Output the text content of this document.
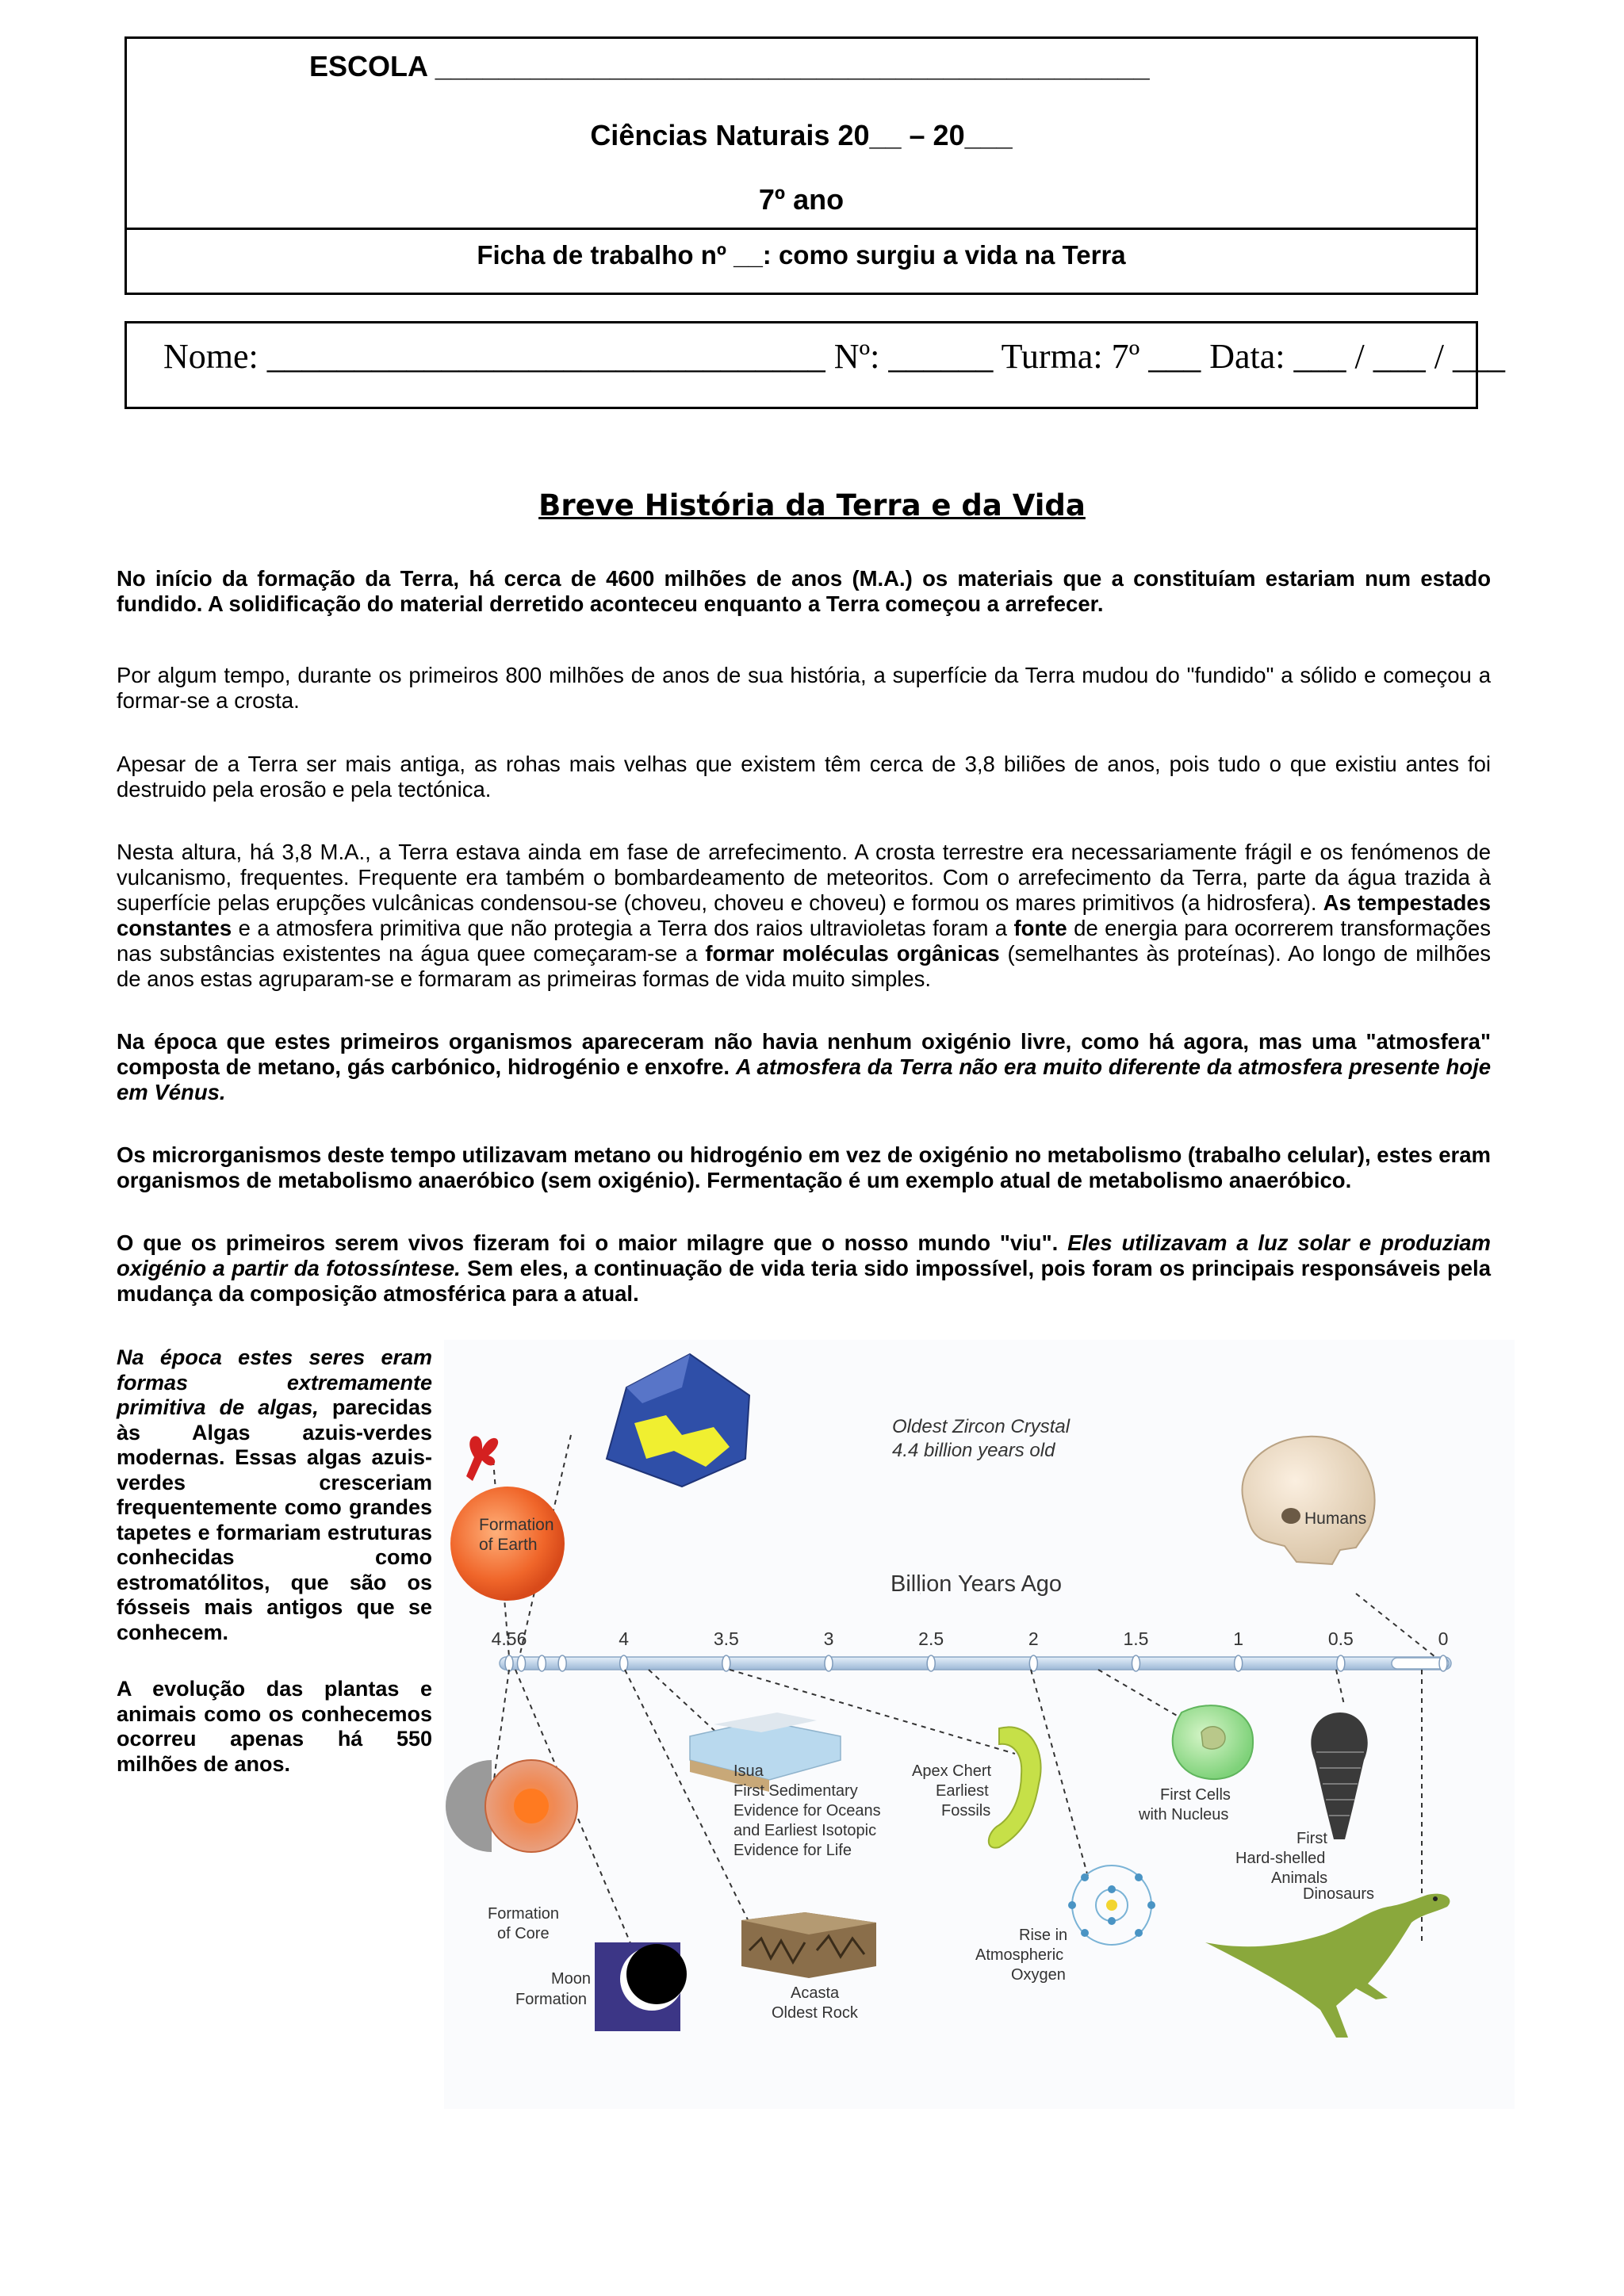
ESCOLA _____________________________________________
Ciências Naturais 20__ – 20___
7º ano
Ficha de trabalho nº __: como surgiu a vida na Terra
Nome: ________________________________ Nº: ______ Turma: 7º ___ Data: ___ / ___ / ___
Breve História da Terra e da Vida

No início da formação da Terra, há cerca de 4600 milhões de anos (M.A.) os materiais que a constituíam estariam num estado fundido. A solidificação do material derretido aconteceu enquanto a Terra começou a arrefecer.

Por algum tempo, durante os primeiros 800 milhões de anos de sua história, a superfície da Terra mudou do "fundido" a sólido e começou a formar-se a crosta.

Apesar de a Terra ser mais antiga, as rohas mais velhas que existem têm cerca de 3,8 biliões de anos, pois tudo o que existiu antes foi destruido pela erosão e pela tectónica.

Nesta altura, há 3,8 M.A., a Terra estava ainda em fase de arrefecimento. A crosta terrestre era necessariamente frágil e os fenómenos de vulcanismo, frequentes. Frequente era também o bombardeamento de meteoritos. Com o arrefecimento da Terra, parte da água trazida à superfície pelas erupções vulcânicas condensou-se (choveu, choveu e choveu) e formou os mares primitivos (a hidrosfera). As tempestades constantes e a atmosfera primitiva que não protegia a Terra dos raios ultravioletas foram a fonte de energia para ocorrerem transformações nas substâncias existentes na água quee começaram-se a formar moléculas orgânicas (semelhantes às proteínas). Ao longo de milhões de anos estas agruparam-se e formaram as primeiras formas de vida muito simples.

Na época que estes primeiros organismos apareceram não havia nenhum oxigénio livre, como há agora, mas uma "atmosfera" composta de metano, gás carbónico, hidrogénio e enxofre. A atmosfera da Terra não era muito diferente da atmosfera presente hoje em Vénus.

Os microrganismos deste tempo utilizavam metano ou hidrogénio em vez de oxigénio no metabolismo (trabalho celular), estes eram organismos de metabolismo anaeróbico (sem oxigénio). Fermentação é um exemplo atual de metabolismo anaeróbico.

O que os primeiros serem vivos fizeram foi o maior milagre que o nosso mundo "viu". Eles utilizavam a luz solar e produziam oxigénio a partir da fotossíntese. Sem eles, a continuação de vida teria sido impossível, pois foram os principais responsáveis pela mudança da composição atmosférica para a atual.

Na época estes seres eram formas extremamente primitiva de algas, parecidas às Algas azuis-verdes modernas. Essas algas azuis-verdes cresceriam frequentemente como grandes tapetes e formariam estruturas conhecidas como estromatólitos, que são os fósseis mais antigos que se conhecem.

A evolução das plantas e animais como os conhecemos ocorreu apenas há 550 milhões de anos.

Billion Years Ago
4.56	4	3.5	3	2.5	2	1.5	1	0.5	0
Formation
of Earth
Oldest Zircon Crystal
4.4 billion years old
Humans
Formation
of Core
Moon
Formation
Isua
First Sedimentary
Evidence for Oceans
and Earliest Isotopic
Evidence for Life
Acasta
Oldest Rock
Apex Chert
Earliest
Fossils
Rise in
Atmospheric
Oxygen
First Cells
with Nucleus
First
Hard-shelled
Animals
Dinosaurs
